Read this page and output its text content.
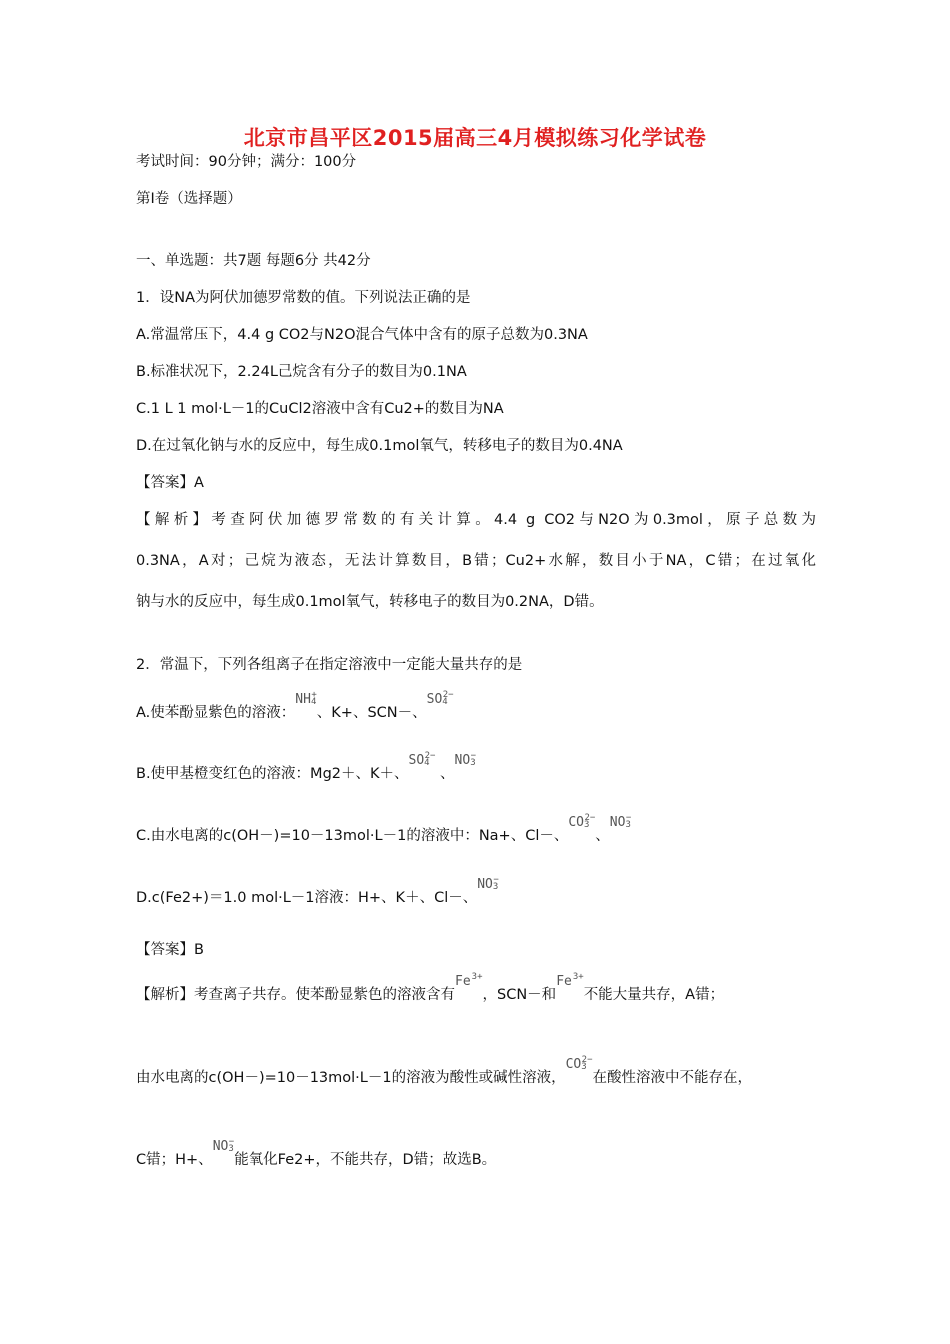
北京市昌平区2015届高三4月模拟练习化学试卷
考试时间：90分钟；满分：100分
第I卷（选择题）
一、单选题：共7题 每题6分 共42分
1．设NA为阿伏加德罗常数的值。下列说法正确的是
A.常温常压下，4.4 g CO2与N2O混合气体中含有的原子总数为0.3NA
B.标准状况下，2.24L己烷含有分子的数目为0.1NA
C.1 L 1 mol·L－1的CuCl2溶液中含有Cu2+的数目为NA
D.在过氧化钠与水的反应中，每生成0.1mol氧气，转移电子的数目为0.4NA
【答案】A
【解析】考查阿伏加德罗常数的有关计算。4.4 g CO2与N2O为0.3mol，原子总数为
0.3NA，A对；己烷为液态，无法计算数目，B错；Cu2+水解，数目小于NA，C错；在过氧化
钠与水的反应中，每生成0.1mol氧气，转移电子的数目为0.2NA，D错。
2．常温下，下列各组离子在指定溶液中一定能大量共存的是
A.使苯酚显紫色的溶液：$NH_4^+$、K+、SCN－、$SO_4^{2-}$
B.使甲基橙变红色的溶液：Mg2＋、K＋、$SO_4^{2-}$ 、$NO_3^-$
C.由水电离的c(OH－)=10－13mol·L－1的溶液中：Na+、Cl－、$CO_3^{2-}$、$NO_3^-$
D.c(Fe2+)＝1.0 mol·L－1溶液：H+、K＋、Cl－、$NO_3^-$
【答案】B
【解析】考查离子共存。使苯酚显紫色的溶液含有$Fe^{3+}$，SCN－和$Fe^{3+}$不能大量共存，A错；
由水电离的c(OH－)=10－13mol·L－1的溶液为酸性或碱性溶液，$CO_3^{2-}$在酸性溶液中不能存在，
C错；H+、$NO_3^-$能氧化Fe2+，不能共存，D错；故选B。
